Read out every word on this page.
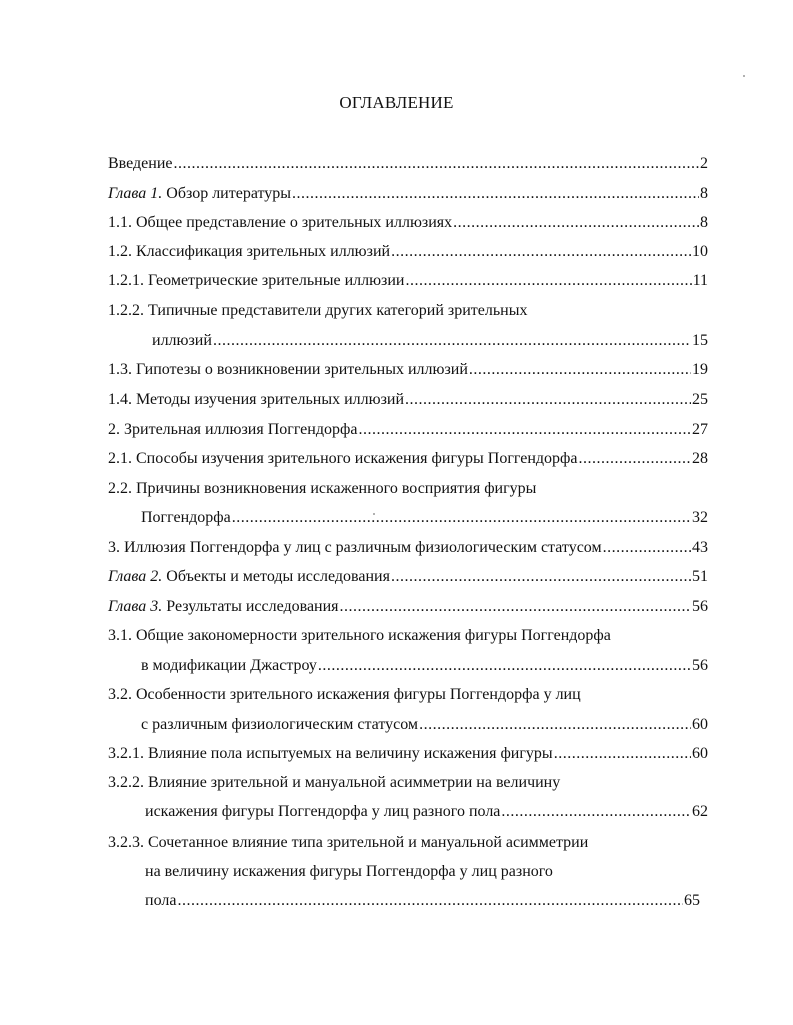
ОГЛАВЛЕНИЕ
Введение .....	2
Глава 1. Обзор литературы .....	8
1.1. Общее представление о зрительных иллюзиях .....	8
1.2. Классификация зрительных иллюзий .....	10
1.2.1. Геометрические зрительные иллюзии .....	11
1.2.2. Типичные представители других категорий зрительных
иллюзий .....	15
1.3. Гипотезы о возникновении зрительных иллюзий .....	19
1.4. Методы изучения зрительных иллюзий .....	25
2. Зрительная иллюзия Поггендорфа .....	27
2.1. Способы изучения зрительного искажения фигуры Поггендорфа .....	28
2.2. Причины возникновения искаженного восприятия фигуры
Поггендорфа .....	32
3. Иллюзия Поггендорфа у лиц с различным физиологическим статусом .....	43
Глава 2. Объекты и методы исследования .....	51
Глава 3. Результаты исследования .....	56
3.1. Общие закономерности зрительного искажения фигуры Поггендорфа
в модификации Джастроу .....	56
3.2. Особенности зрительного искажения фигуры Поггендорфа у лиц
с различным физиологическим статусом .....	60
3.2.1. Влияние пола испытуемых на величину искажения фигуры .....	60
3.2.2. Влияние зрительной и мануальной асимметрии на величину
искажения фигуры Поггендорфа у лиц разного пола .....	62
3.2.3. Сочетанное влияние типа зрительной и мануальной асимметрии
на величину искажения фигуры Поггендорфа у лиц разного
пола .....	65
